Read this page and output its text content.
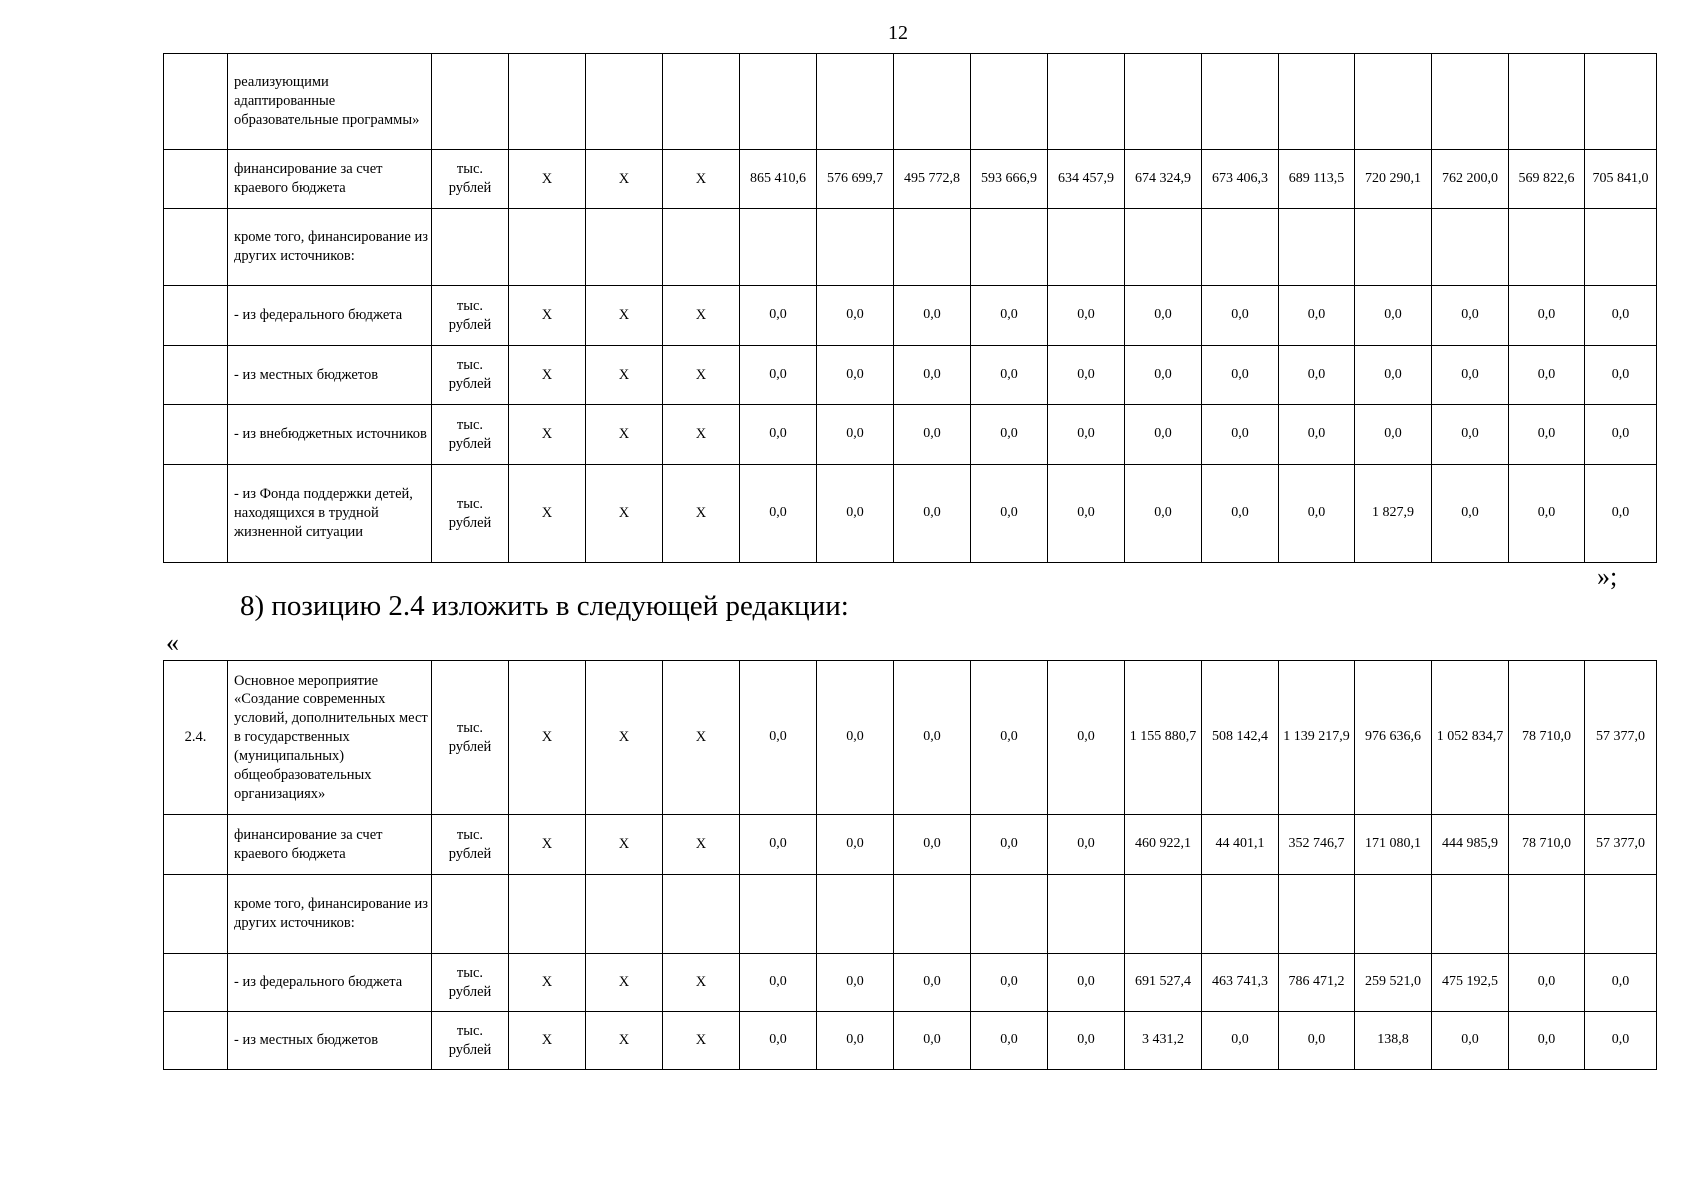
12
	реализующими адаптированные образовательные программы»																
	финансирование за счет краевого бюджета	тыс. рублей	Х	Х	Х	865 410,6	576 699,7	495 772,8	593 666,9	634 457,9	674 324,9	673 406,3	689 113,5	720 290,1	762 200,0	569 822,6	705 841,0
	кроме того, финансирование из других источников:																
	- из федерального бюджета	тыс. рублей	Х	Х	Х	0,0	0,0	0,0	0,0	0,0	0,0	0,0	0,0	0,0	0,0	0,0	0,0
	- из местных бюджетов	тыс. рублей	Х	Х	Х	0,0	0,0	0,0	0,0	0,0	0,0	0,0	0,0	0,0	0,0	0,0	0,0
	- из внебюджетных источников	тыс. рублей	Х	Х	Х	0,0	0,0	0,0	0,0	0,0	0,0	0,0	0,0	0,0	0,0	0,0	0,0
	- из Фонда поддержки детей, находящихся в трудной жизненной ситуации	тыс. рублей	Х	Х	Х	0,0	0,0	0,0	0,0	0,0	0,0	0,0	0,0	1 827,9	0,0	0,0	0,0
»;
8) позицию 2.4 изложить в следующей редакции:
«
2.4.	Основное мероприятие «Создание современных условий, дополнительных мест в государственных (муниципальных) общеобразовательных организациях»	тыс. рублей	Х	Х	Х	0,0	0,0	0,0	0,0	0,0	1 155 880,7	508 142,4	1 139 217,9	976 636,6	1 052 834,7	78 710,0	57 377,0
	финансирование за счет краевого бюджета	тыс. рублей	Х	Х	Х	0,0	0,0	0,0	0,0	0,0	460 922,1	44 401,1	352 746,7	171 080,1	444 985,9	78 710,0	57 377,0
	кроме того, финансирование из других источников:																
	- из федерального бюджета	тыс. рублей	Х	Х	Х	0,0	0,0	0,0	0,0	0,0	691 527,4	463 741,3	786 471,2	259 521,0	475 192,5	0,0	0,0
	- из местных бюджетов	тыс. рублей	Х	Х	Х	0,0	0,0	0,0	0,0	0,0	3 431,2	0,0	0,0	138,8	0,0	0,0	0,0
